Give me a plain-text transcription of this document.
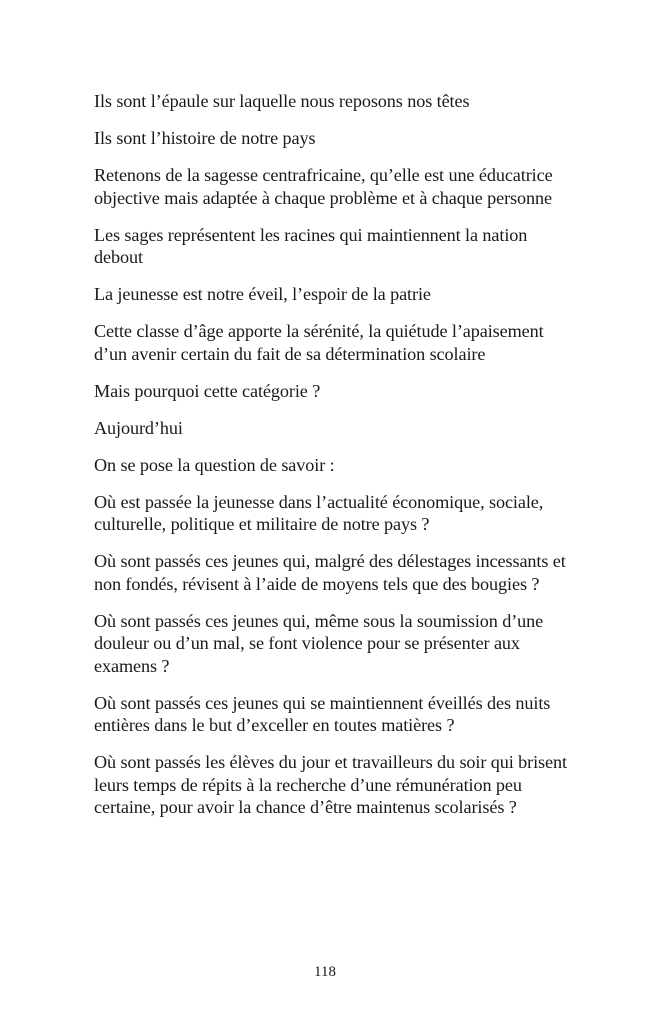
Ils sont l’épaule sur laquelle nous reposons nos têtes

Ils sont l’histoire de notre pays

Retenons de la sagesse centrafricaine, qu’elle est une éducatrice objective mais adaptée à chaque problème et à chaque personne

Les sages représentent les racines qui maintiennent la nation debout

La jeunesse est notre éveil, l’espoir de la patrie

Cette classe d’âge apporte la sérénité, la quiétude l’apaisement d’un avenir certain du fait de sa détermination scolaire

Mais pourquoi cette catégorie ?

Aujourd’hui

On se pose la question de savoir :

Où est passée la jeunesse dans l’actualité économique, sociale, culturelle, politique et militaire de notre pays ?

Où sont passés ces jeunes qui, malgré des délestages incessants et non fondés, révisent à l’aide de moyens tels que des bougies ?

Où sont passés ces jeunes qui, même sous la soumission d’une douleur ou d’un mal, se font violence pour se présenter aux examens ?

Où sont passés ces jeunes qui se maintiennent éveillés des nuits entières dans le but d’exceller en toutes matières ?

Où sont passés les élèves du jour et travailleurs du soir qui brisent leurs temps de répits à la recherche d’une rémunération peu certaine, pour avoir la chance d’être maintenus scolarisés ?

118
